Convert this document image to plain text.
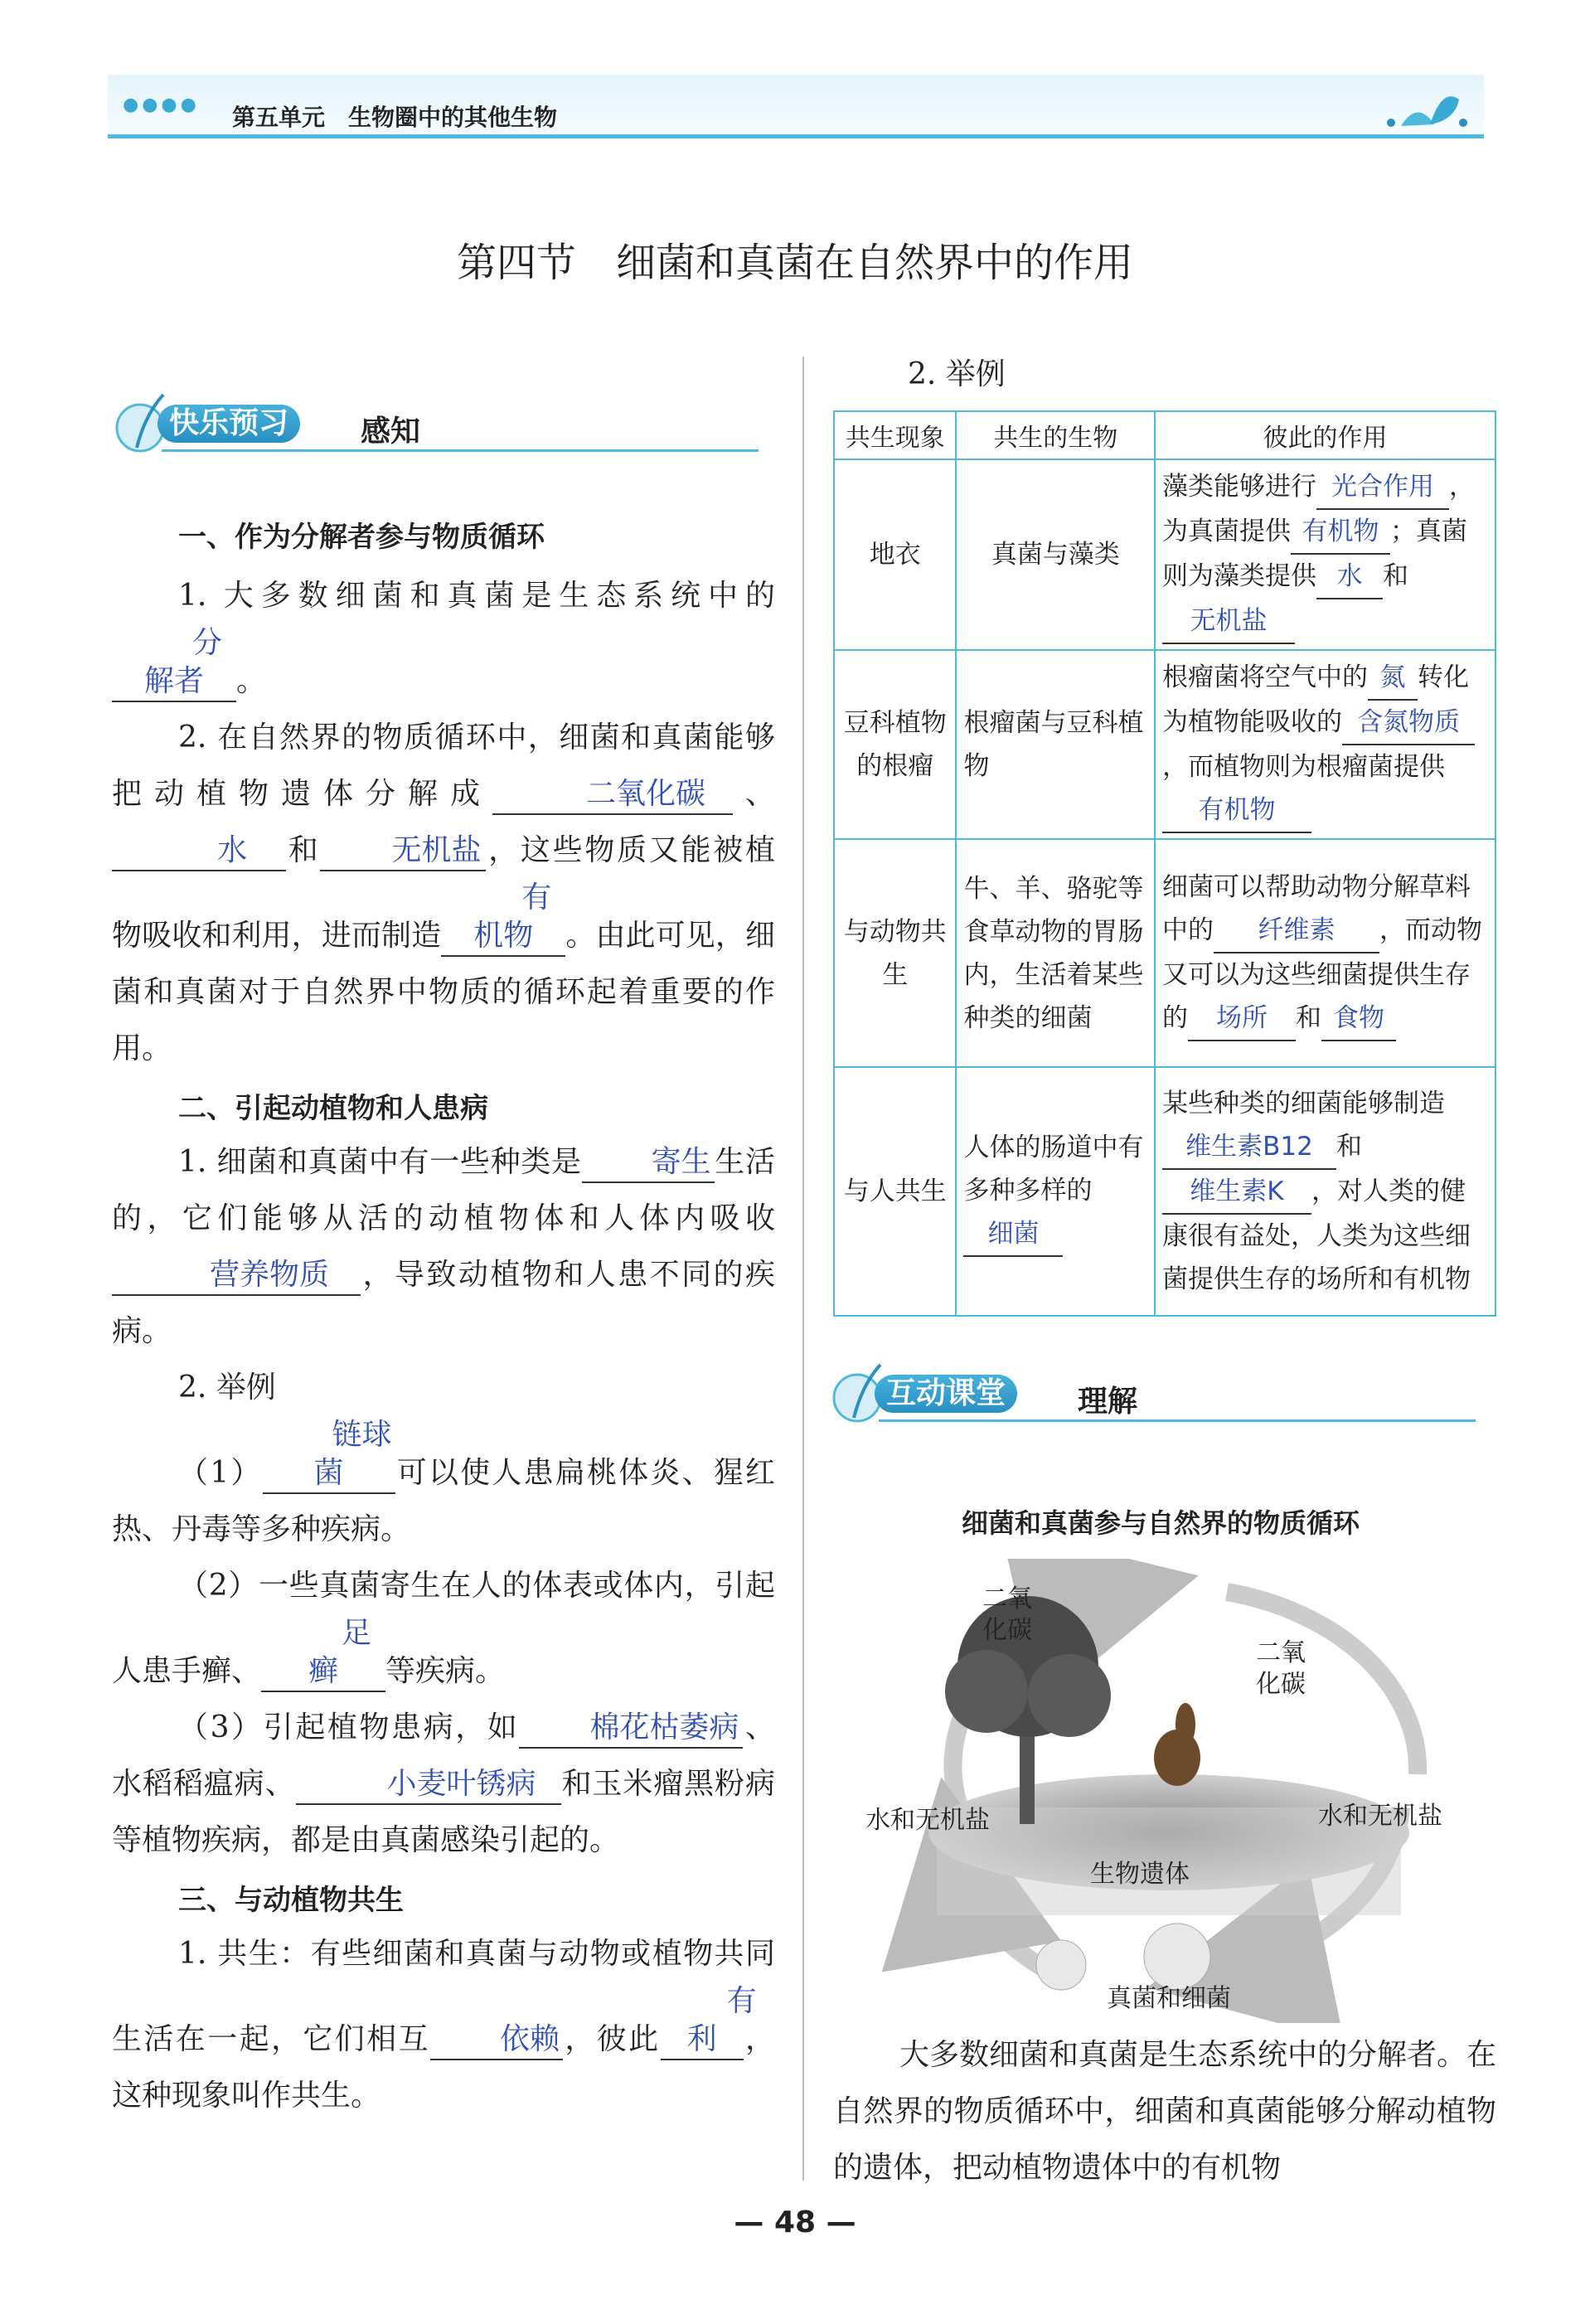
●●●● 第五单元　生物圈中的其他生物
第四节　细菌和真菌在自然界中的作用
快乐预习	感知
一、作为分解者参与物质循环
1. 大多数细菌和真菌是生态系统中的分解者 。
2. 在自然界的物质循环中，细菌和真菌能够把动植物遗体分解成	二氧化碳 、水 和 无机盐 ，这些物质又能被植物吸收和利用，进而制造有机物 。由此可见，细菌和真菌对于自然界中物质的循环起着重要的作用。
二、引起动植物和人患病
1. 细菌和真菌中有一些种类是 寄生 生活的，它们能够从活的动植物体和人体内吸收营养物质 ，导致动植物和人患不同的疾病。
2. 举例
（1）链球菌 可以使人患扁桃体炎、猩红热、丹毒等多种疾病。
（2）一些真菌寄生在人的体表或体内，引起人患手癣、足癣 等疾病。
（3）引起植物患病，如 棉花枯萎病 、水稻稻瘟病、	小麦叶锈病 和玉米瘤黑粉病等植物疾病，都是由真菌感染引起的。
三、与动植物共生
1. 共生：有些细菌和真菌与动物或植物共同生活在一起，它们相互 依赖 ，彼此有利 ，这种现象叫作共生。
2. 举例
共生现象	共生的生物	彼此的作用
地衣	真菌与藻类	藻类能够进行 光合作用 ，为真菌提供 有机物 ；真菌则为藻类提供 水 和无机盐
豆科植物的根瘤	根瘤菌与豆科植物	根瘤菌将空气中的 氮 转化为植物能吸收的 含氮物质，而植物则为根瘤菌提供有机物
与动物共生	牛、羊、骆驼等食草动物的胃肠内，生活着某些种类的细菌	细菌可以帮助动物分解草料中的 纤维素 ，而动物又可以为这些细菌提供生存的 场所 和 食物
与人共生	人体的肠道中有多种多样的细菌	某些种类的细菌能够制造维生素B12 和维生素K ，对人类的健康很有益处，人类为这些细菌提供生存的场所和有机物
互动课堂	理解
细菌和真菌参与自然界的物质循环
二氧化碳
二氧化碳
水和无机盐	水和无机盐
生物遗体
真菌和细菌
大多数细菌和真菌是生态系统中的分解者。在自然界的物质循环中，细菌和真菌能够分解动植物的遗体，把动植物遗体中的有机物
— 48 —
